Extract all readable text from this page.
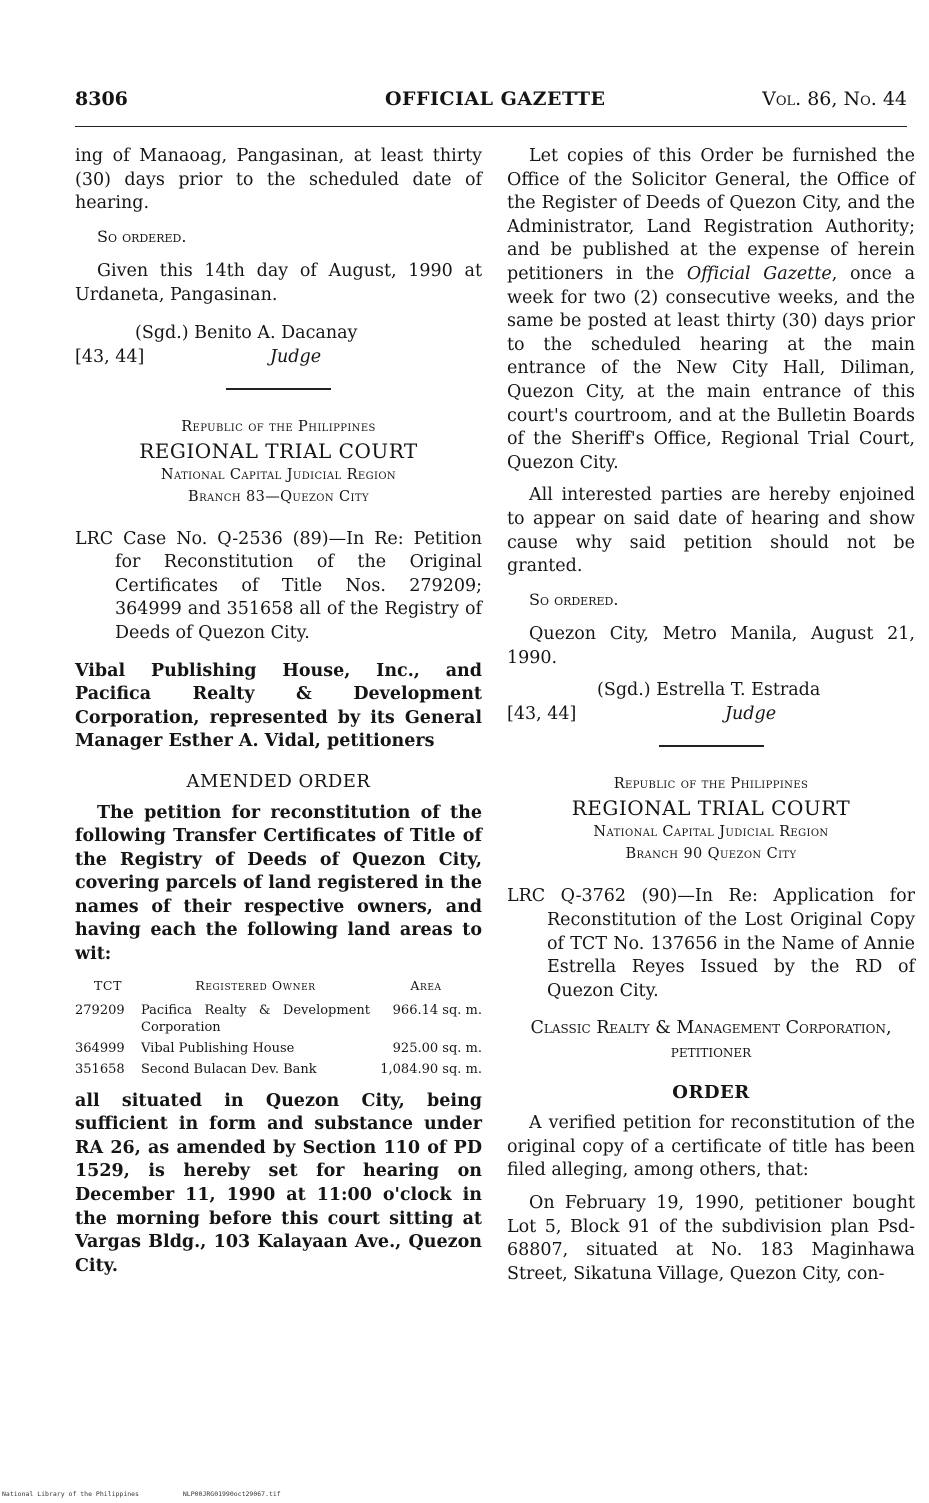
8306	OFFICIAL GAZETTE	Vol. 86, No. 44

ing of Manaoag, Pangasinan, at least thirty (30) days prior to the scheduled date of hearing.

So ordered.

Given this 14th day of August, 1990 at Urdaneta, Pangasinan.

(Sgd.) Benito A. Dacanay
[43, 44]	Judge
Republic of the Philippines
REGIONAL TRIAL COURT
National Capital Judicial Region
Branch 83—Quezon City

LRC Case No. Q-2536 (89)—In Re: Petition for Reconstitution of the Original Certificates of Title Nos. 279209; 364999 and 351658 all of the Registry of Deeds of Quezon City.

Vibal Publishing House, Inc., and Pacifica Realty & Development Corporation, represented by its General Manager Esther A. Vidal, petitioners

AMENDED ORDER

The petition for reconstitution of the following Transfer Certificates of Title of the Registry of Deeds of Quezon City, covering parcels of land registered in the names of their respective owners, and having each the following land areas to wit:

TCT	Registered Owner	Area
279209	Pacifica Realty & Development Corporation	966.14 sq. m.
364999	Vibal Publishing House	925.00 sq. m.
351658	Second Bulacan Dev. Bank	1,084.90 sq. m.

all situated in Quezon City, being sufficient in form and substance under RA 26, as amended by Section 110 of PD 1529, is hereby set for hearing on December 11, 1990 at 11:00 o'clock in the morning before this court sitting at Vargas Bldg., 103 Kalayaan Ave., Quezon City.

Let copies of this Order be furnished the Office of the Solicitor General, the Office of the Register of Deeds of Quezon City, and the Administrator, Land Registration Authority; and be published at the expense of herein petitioners in the Official Gazette, once a week for two (2) consecutive weeks, and the same be posted at least thirty (30) days prior to the scheduled hearing at the main entrance of the New City Hall, Diliman, Quezon City, at the main entrance of this court's courtroom, and at the Bulletin Boards of the Sheriff's Office, Regional Trial Court, Quezon City.

All interested parties are hereby enjoined to appear on said date of hearing and show cause why said petition should not be granted.

So ordered.

Quezon City, Metro Manila, August 21, 1990.

(Sgd.) Estrella T. Estrada
[43, 44]	Judge
Republic of the Philippines
REGIONAL TRIAL COURT
National Capital Judicial Region
Branch 90 Quezon City

LRC Q-3762 (90)—In Re: Application for Reconstitution of the Lost Original Copy of TCT No. 137656 in the Name of Annie Estrella Reyes Issued by the RD of Quezon City.

Classic Realty & Management Corporation, petitioner

ORDER

A verified petition for reconstitution of the original copy of a certificate of title has been filed alleging, among others, that:

On February 19, 1990, petitioner bought Lot 5, Block 91 of the subdivision plan Psd-68807, situated at No. 183 Maginhawa Street, Sikatuna Village, Quezon City, con-

National Library of the Philippines	NLP00JRG01990oct29067.tif
